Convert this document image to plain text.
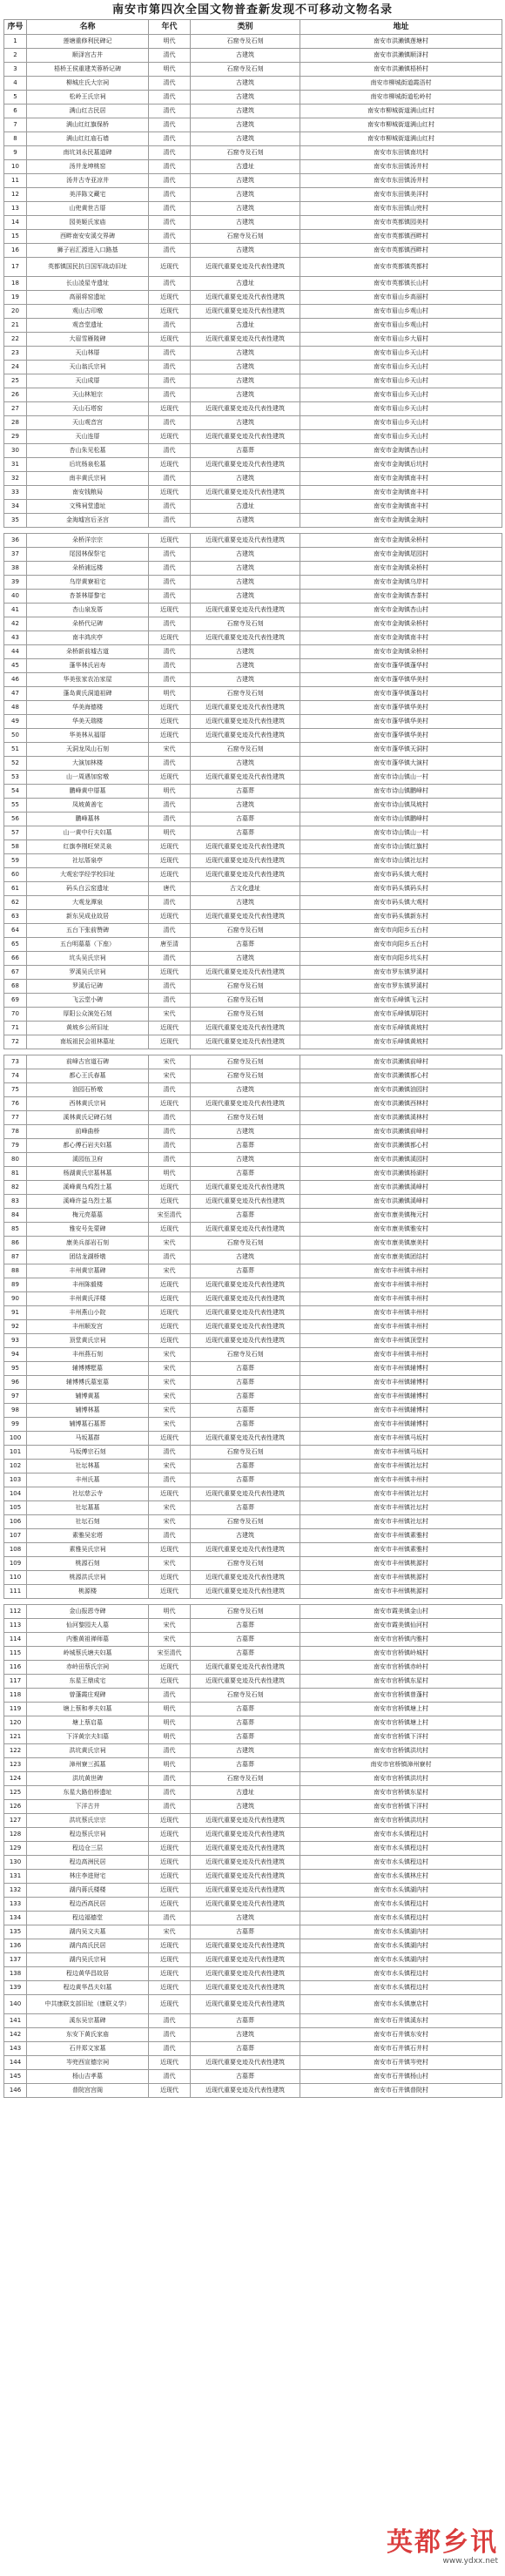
南安市第四次全国文物普查新发现不可移动文物名录
序号	名称	年代	类别	地址
1	莲塘重修利民碑记	明代	石窟寺及石刻	南安市洪濑镇莲塘村
2	顺泽宫古井	清代	古建筑	南安市洪濑镇顺泽村
3	梧桥王侯重建芙蓉桥记碑	明代	石窟寺及石刻	南安市洪濑镇梧桥村
4	柳城庄氏大宗祠	清代	古建筑	南安市柳城街道霞浯村
5	松岭王氏宗祠	清代	古建筑	南安市柳城街道松岭村
6	满山红古民居	清代	古建筑	南安市柳城街道满山红村
7	满山红红旗保桥	清代	古建筑	南安市柳城街道满山红村
8	满山红红庙石墙	清代	古建筑	南安市柳城街道满山红村
9	南坑刘永民墓道碑	清代	石窟寺及石刻	南安市东田镇南坑村
10	汤井龙坤桃窑	清代	古遗址	南安市东田镇汤井村
11	汤井古寺亚凉井	清代	古建筑	南安市东田镇汤井村
12	美洋陈文藏宅	清代	古建筑	南安市东田镇美洋村
13	山兜黄世古厝	清代	古建筑	南安市东田镇山兜村
14	园美姬氏家庙	清代	古建筑	南安市英都镇园美村
15	西畔南安安溪交界碑	清代	石窟寺及石刻	南安市英都镇西畔村
16	狮子岩汇源进入口路基	清代	古建筑	南安市英都镇西畔村
17	英都镇国民抗日国军战动旧址	近现代	近现代重要史迹及代表性建筑	南安市英都镇英都村
18	长山凌星寺遗址	清代	古遗址	南安市英都镇长山村
19	高丽将窑遗址	近现代	近现代重要史迹及代表性建筑	南安市眉山乡高丽村
20	观山古印墩	近现代	近现代重要史迹及代表性建筑	南安市眉山乡观山村
21	观音堂遗址	清代	古遗址	南安市眉山乡观山村
22	大眉雪雁陵碑	近现代	近现代重要史迹及代表性建筑	南安市眉山乡大眉村
23	天山林厝	清代	古建筑	南安市眉山乡天山村
24	天山翁氏宗祠	清代	古建筑	南安市眉山乡天山村
25	天山成厝	清代	古建筑	南安市眉山乡天山村
26	天山林旭宗	清代	古建筑	南安市眉山乡天山村
27	天山石塔窑	近现代	近现代重要史迹及代表性建筑	南安市眉山乡天山村
28	天山观音宫	清代	古建筑	南安市眉山乡天山村
29	天山连厝	近现代	近现代重要史迹及代表性建筑	南安市眉山乡天山村
30	杏山朱见松墓	清代	古墓葬	南安市金淘镇杏山村
31	后坑杨泉松墓	近现代	近现代重要史迹及代表性建筑	南安市金淘镇后坑村
32	南丰黄氏宗祠	清代	古建筑	南安市金淘镇南丰村
33	南安钱粮局	近现代	近现代重要史迹及代表性建筑	南安市金淘镇南丰村
34	文殊祠堂遗址	清代	古遗址	南安市金淘镇南丰村
35	金淘墟宫后圣宫	清代	古建筑	南安市金淘镇金淘村

36	朵桥洋宗宗	近现代	近现代重要史迹及代表性建筑	南安市金淘镇朵桥村
37	尾园林保祭宅	清代	古建筑	南安市金淘镇尾园村
38	朵桥浦远楼	清代	古建筑	南安市金淘镇朵桥村
39	乌岸黄寮祖宅	清代	古建筑	南安市金淘镇乌岸村
40	杏茶林厝黎宅	清代	古建筑	南安市金淘镇杏茶村
41	杏山泉发厝	近现代	近现代重要史迹及代表性建筑	南安市金淘镇杏山村
42	朵桥代记碑	清代	石窟寺及石刻	南安市金淘镇朵桥村
43	南丰鸿庆亭	近现代	近现代重要史迹及代表性建筑	南安市金淘镇南丰村
44	朵桥新前墟古道	清代	古建筑	南安市金淘镇朵桥村
45	蓬华林氏岩寿	清代	古建筑	南安市蓬华镇蓬华村
46	华美张家农冶家屋	清代	古建筑	南安市蓬华镇华美村
47	蓬岛黄氏洞道祖碑	明代	石窟寺及石刻	南安市蓬华镇蓬岛村
48	华美海德楼	近现代	近现代重要史迹及代表性建筑	南安市蓬华镇华美村
49	华美天瑞楼	近现代	近现代重要史迹及代表性建筑	南安市蓬华镇华美村
50	华美林从福厝	近现代	近现代重要史迹及代表性建筑	南安市蓬华镇华美村
51	天洞龙凤山石刻	宋代	石窟寺及石刻	南安市蓬华镇天洞村
52	大演加林楼	清代	古建筑	南安市蓬华镇大演村
53	山一周遇加窑墩	近现代	近现代重要史迹及代表性建筑	南安市诗山镇山一村
54	鹏峰黄中厝墓	明代	古墓葬	南安市诗山镇鹏峰村
55	凤坡黄善宅	清代	古建筑	南安市诗山镇凤坡村
56	鹏峰墓林	清代	古墓葬	南安市诗山镇鹏峰村
57	山一黄中行夫妇墓	明代	古墓葬	南安市诗山镇山一村
58	红旗李刚旺荣灵泉	近现代	近现代重要史迹及代表性建筑	南安市诗山镇红旗村
59	社坛厝泉亭	近现代	近现代重要史迹及代表性建筑	南安市诗山镇社坛村
60	大观宏学经学校旧址	近现代	近现代重要史迹及代表性建筑	南安市码头镇大观村
61	码头白云窑遗址	唐代	古文化遗址	南安市码头镇码头村
62	大观龙潭泉	清代	古建筑	南安市码头镇大观村
63	新东吴成业故居	近现代	近现代重要史迹及代表性建筑	南安市码头镇新东村
64	五台下张前赞碑	清代	石窟寺及石刻	南安市向阳乡五台村
65	五台明墓墓（下座）	唐至清	古墓葬	南安市向阳乡五台村
66	坑头吴氏宗祠	清代	古建筑	南安市向阳乡坑头村
67	罗溪吴氏宗祠	近现代	近现代重要史迹及代表性建筑	南安市罗东镇罗溪村
68	罗溪后记碑	清代	石窟寺及石刻	南安市罗东镇罗溪村
69	飞云堂小碑	清代	石窟寺及石刻	南安市乐峰镇飞云村
70	厚阳公众演处石刻	宋代	石窟寺及石刻	南安市乐峰镇厚阳村
71	黄坡乡公所旧址	近现代	近现代重要史迹及代表性建筑	南安市乐峰镇黄坡村
72	南坂祖民会祖林墓址	近现代	近现代重要史迹及代表性建筑	南安市乐峰镇黄坡村

73	前峰古官道石碑	宋代	石窟寺及石刻	南安市洪濑镇前峰村
74	都心王氏春墓	宋代	石窟寺及石刻	南安市洪濑镇都心村
75	油园石桥墩	清代	古建筑	南安市洪濑镇油园村
76	西林黄氏宗祠	近现代	近现代重要史迹及代表性建筑	南安市洪濑镇西林村
77	溪林黄氏记碑石刻	清代	石窟寺及石刻	南安市洪濑镇溪林村
78	前峰曲桥	清代	古建筑	南安市洪濑镇前峰村
79	都心傅石岩夫妇墓	清代	古墓葬	南安市洪濑镇都心村
80	溪园伍卫府	清代	古建筑	南安市洪濑镇溪园村
81	杨湖黄氏宗墓林墓	明代	古墓葬	南安市洪濑镇杨湖村
82	溪峰黄乌鸡烈士墓	近现代	近现代重要史迹及代表性建筑	南安市洪濑镇溪峰村
83	溪峰许益乌烈士墓	近现代	近现代重要史迹及代表性建筑	南安市洪濑镇溪峰村
84	梅元亮墓墓	宋至清代	古墓葬	南安市康美镇梅元村
85	雅安号先蒙碑	近现代	近现代重要史迹及代表性建筑	南安市康美镇雅安村
86	康美兵部岩石刻	宋代	石窟寺及石刻	南安市康美镇康美村
87	团结龙湖桥墩	清代	古建筑	南安市康美镇团结村
88	丰州黄宗墓碑	宋代	古墓葬	南安市丰州镇丰州村
89	丰州陈毅楼	近现代	近现代重要史迹及代表性建筑	南安市丰州镇丰州村
90	丰州黄氏洋楼	近现代	近现代重要史迹及代表性建筑	南安市丰州镇丰州村
91	丰州燕山小院	近现代	近现代重要史迹及代表性建筑	南安市丰州镇丰州村
92	丰州顺发宫	近现代	近现代重要史迹及代表性建筑	南安市丰州镇丰州村
93	顶堂黄氏宗祠	近现代	近现代重要史迹及代表性建筑	南安市丰州镇顶堂村
94	丰州燕石刻	宋代	石窟寺及石刻	南安市丰州镇丰州村
95	辅博傅墅墓	宋代	古墓葬	南安市丰州镇辅博村
96	辅博傅氏墓室墓	宋代	古墓葬	南安市丰州镇辅博村
97	辅博黄墓	宋代	古墓葬	南安市丰州镇辅博村
98	辅博林墓	宋代	古墓葬	南安市丰州镇辅博村
99	辅博墓石墓葬	宋代	古墓葬	南安市丰州镇辅博村
100	马坂墓群	近现代	近现代重要史迹及代表性建筑	南安市丰州镇马坂村
101	马坂傅宗石刻	清代	石窟寺及石刻	南安市丰州镇马坂村
102	社坛林墓	宋代	古墓葬	南安市丰州镇社坛村
103	丰州氏墓	清代	古墓葬	南安市丰州镇丰州村
104	社坛慈云寺	近现代	近现代重要史迹及代表性建筑	南安市丰州镇社坛村
105	社坛墓墓	宋代	古墓葬	南安市丰州镇社坛村
106	社坛石刻	宋代	石窟寺及石刻	南安市丰州镇社坛村
107	素雅吴宏塔	清代	古建筑	南安市丰州镇素雅村
108	素雅吴氏宗祠	近现代	近现代重要史迹及代表性建筑	南安市丰州镇素雅村
109	桃源石刻	宋代	石窟寺及石刻	南安市丰州镇桃源村
110	桃源洪氏宗祠	近现代	近现代重要史迹及代表性建筑	南安市丰州镇桃源村
111	桃源楼	近现代	近现代重要史迹及代表性建筑	南安市丰州镇桃源村

112	金山报恩寺碑	明代	石窟寺及石刻	南安市霞美镇金山村
113	仙河黎园夫人墓	宋代	古墓葬	南安市霞美镇仙河村
114	内雅黄祖禅师墓	宋代	古墓葬	南安市官桥镇内雅村
115	岭城蔡氏塘夫妇墓	宋至清代	古墓葬	南安市官桥镇岭城村
116	赤岭田蔡氏宗祠	近现代	近现代重要史迹及代表性建筑	南安市官桥镇赤岭村
117	东星王鼎成宅	近现代	近现代重要史迹及代表性建筑	南安市官桥镇东星村
118	曾蓬霞庄观碑	清代	石窟寺及石刻	南安市官桥镇曾蓬村
119	塘上蔡和孝夫妇墓	明代	古墓葬	南安市官桥镇塘上村
120	塘上蔡启墓	明代	古墓葬	南安市官桥镇塘上村
121	下洋黄宗夫妇墓	明代	古墓葬	南安市官桥镇下洋村
122	洪坑黄氏宗祠	清代	古建筑	南安市官桥镇洪坑村
123	漳州寮三孤墓	明代	古墓葬	南安市官桥镇漳州寮村
124	洪坑黄世碑	清代	石窟寺及石刻	南安市官桥镇洪坑村
125	东星大路伯桥遗址	清代	古遗址	南安市官桥镇东星村
126	下洋古井	清代	古建筑	南安市官桥镇下洋村
127	洪坑蔡氏宗宗	近现代	近现代重要史迹及代表性建筑	南安市官桥镇洪坑村
128	程边蔡氏宗祠	近现代	近现代重要史迹及代表性建筑	南安市水头镇程边村
129	程边仓三层	近现代	近现代重要史迹及代表性建筑	南安市水头镇程边村
130	程边高洲民居	近现代	近现代重要史迹及代表性建筑	南安市水头镇程边村
131	林庄李进财宅	近现代	近现代重要史迹及代表性建筑	南安市水头镇林庄村
132	湖内蒋氏楼楼	近现代	近现代重要史迹及代表性建筑	南安市水头镇湖内村
133	程边西高民居	近现代	近现代重要史迹及代表性建筑	南安市水头镇程边村
134	程边福德堂	清代	古建筑	南安市水头镇程边村
135	湖内吴文夫墓	宋代	古墓葬	南安市水头镇湖内村
136	湖内高氏民居	近现代	近现代重要史迹及代表性建筑	南安市水头镇湖内村
137	湖内吴氏宗祠	近现代	近现代重要史迹及代表性建筑	南安市水头镇湖内村
138	程边黄华昌故居	近现代	近现代重要史迹及代表性建筑	南安市水头镇程边村
139	程边黄华昌夫妇墓	近现代	近现代重要史迹及代表性建筑	南安市水头镇程边村
140	中共康联支部旧址（康联义学）	近现代	近现代重要史迹及代表性建筑	南安市水头镇康店村
141	溪东吴宗墓碑	清代	古墓葬	南安市石井镇溪东村
142	东安下黄氏家庙	清代	古建筑	南安市石井镇东安村
143	石井郑文家墓	清代	古墓葬	南安市石井镇石井村
144	岑兜西宣德宗祠	近现代	近现代重要史迹及代表性建筑	南安市石井镇岑兜村
145	杨山吉孝墓	清代	古墓葬	南安市石井镇杨山村
146	普院宫宫阁	近现代	近现代重要史迹及代表性建筑	南安市石井镇普院村
英都乡讯
www.ydxx.net
